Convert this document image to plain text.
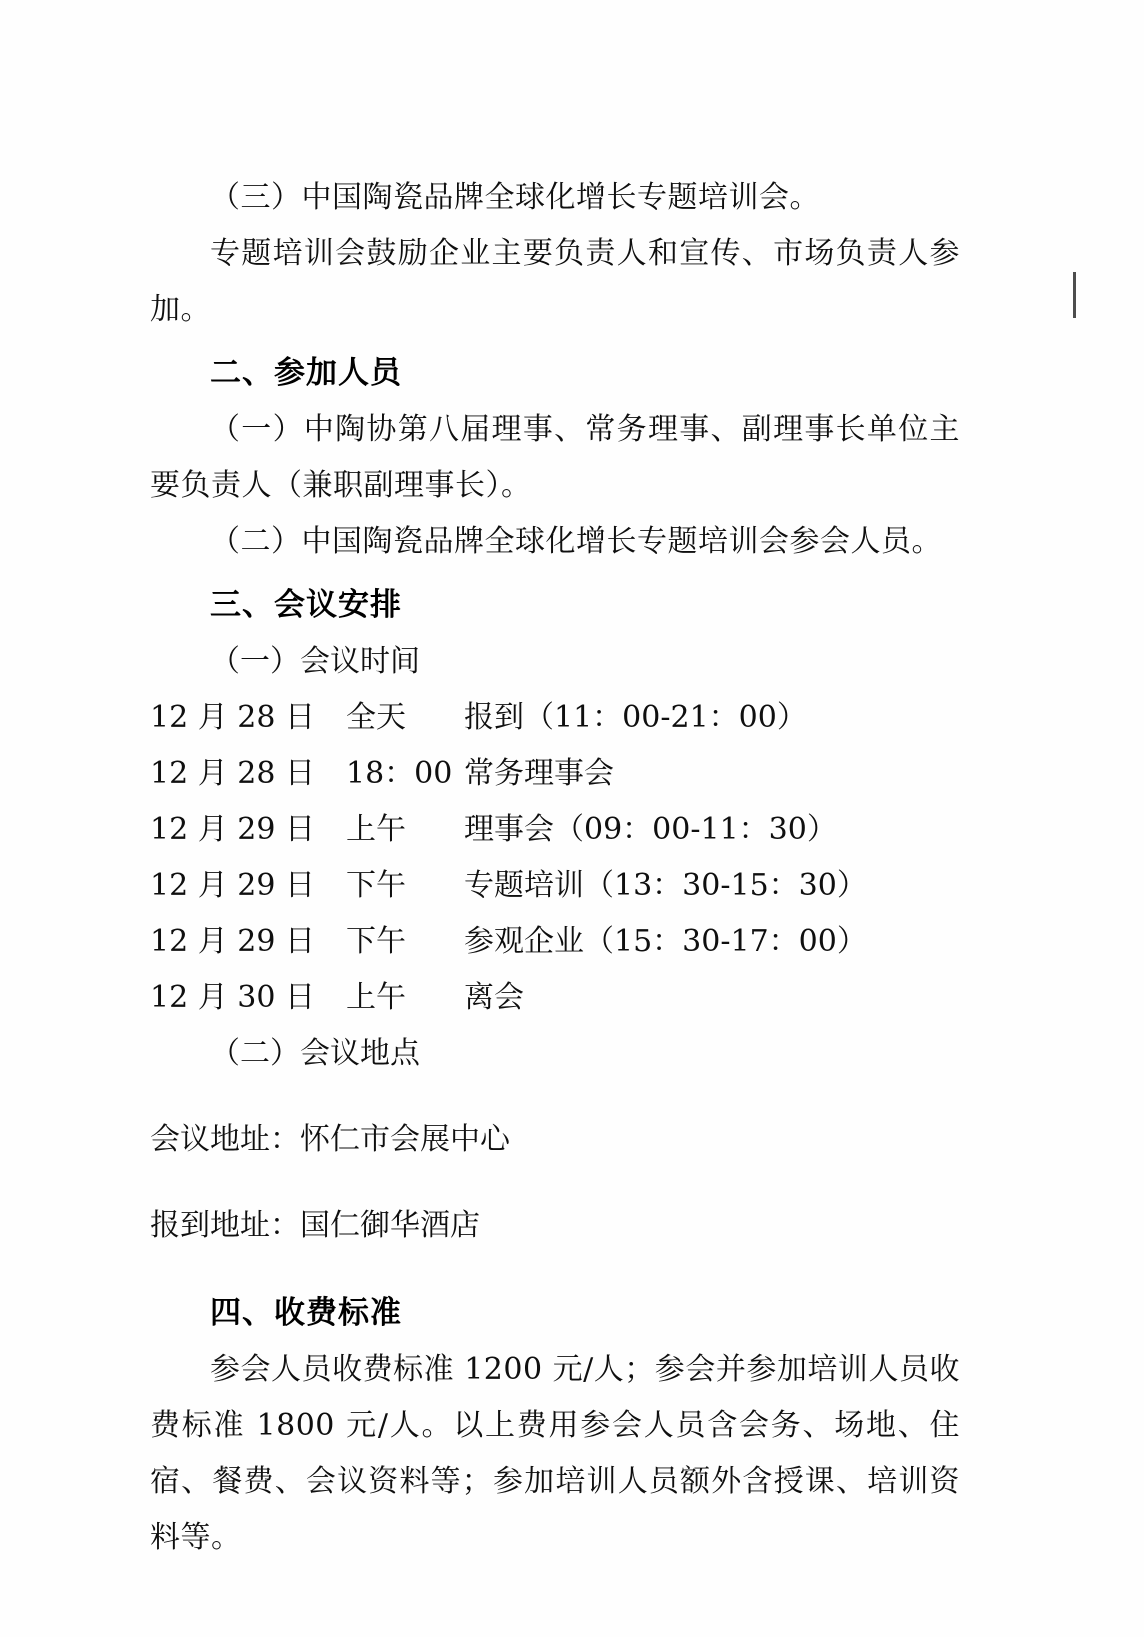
（三）中国陶瓷品牌全球化增长专题培训会。

专题培训会鼓励企业主要负责人和宣传、市场负责人参加。

二、参加人员

（一）中陶协第八届理事、常务理事、副理事长单位主要负责人（兼职副理事长）。

（二）中国陶瓷品牌全球化增长专题培训会参会人员。

三、会议安排

（一）会议时间

12 月 28 日	全天	报到（11：00-21：00）
12 月 28 日	18：00 常务理事会
12 月 29 日	上午	理事会（09：00-11：30）
12 月 29 日	下午	专题培训（13：30-15：30）
12 月 29 日	下午	参观企业（15：30-17：00）
12 月 30 日	上午	离会

（二）会议地点

会议地址：怀仁市会展中心

报到地址：国仁御华酒店

四、收费标准

参会人员收费标准 1200 元/人；参会并参加培训人员收费标准 1800 元/人。以上费用参会人员含会务、场地、住宿、餐费、会议资料等；参加培训人员额外含授课、培训资料等。
